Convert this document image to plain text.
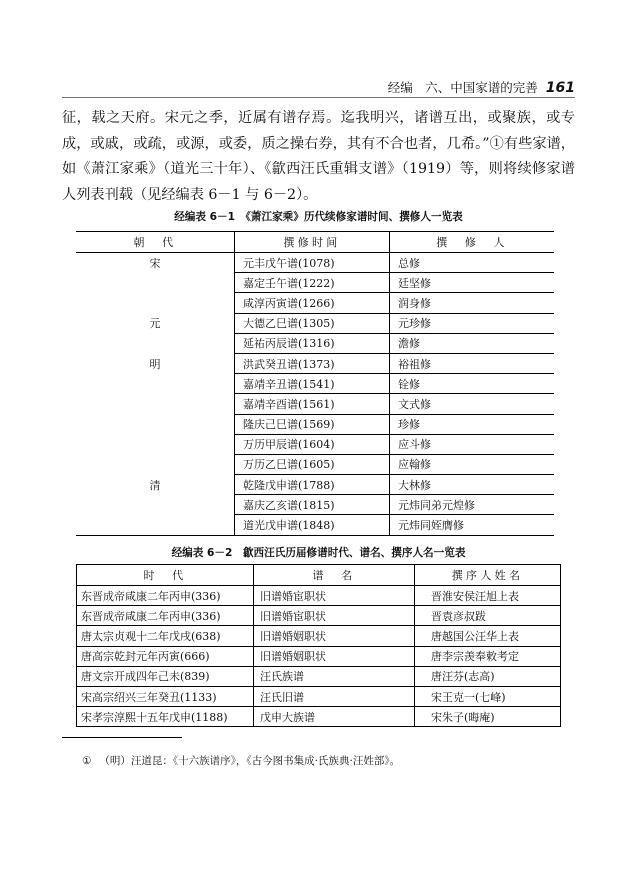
经编　六、中国家谱的完善 161

征，载之天府。宋元之季，近属有谱存焉。迄我明兴，诸谱互出，或聚族，或专成，或戚，或疏，或源，或委，质之操右券，其有不合也者，几希。”①有些家谱，如《萧江家乘》（道光三十年）、《歙西汪氏重辑支谱》（1919）等，则将续修家谱人列表刊载（见经编表 6－1 与 6－2）。

经编表 6－1　《萧江家乘》历代续修家谱时间、撰修人一览表
朝　代	撰修时间	撰　修　人
宋	元丰戊午谱(1078)	总修
	嘉定壬午谱(1222)	廷坚修
	咸淳丙寅谱(1266)	润身修
元	大德乙巳谱(1305)	元珍修
	延祐丙辰谱(1316)	澹修
明	洪武癸丑谱(1373)	裕祖修
	嘉靖辛丑谱(1541)	铨修
	嘉靖辛酉谱(1561)	文式修
	隆庆己巳谱(1569)	珍修
	万历甲辰谱(1604)	应斗修
	万历乙巳谱(1605)	应翰修
清	乾隆戊申谱(1788)	大林修
	嘉庆乙亥谱(1815)	元炜同弟元煌修
	道光戊申谱(1848)	元炜同姪膺修
经编表 6－2　歙西汪氏历届修谱时代、谱名、撰序人名一览表
时　代	谱　名	撰序人姓名
东晋成帝咸康二年丙申(336)	旧谱婚宦职状	晋淮安侯汪旭上表
东晋成帝咸康二年丙申(336)	旧谱婚宦职状	晋袁彦叔跋
唐太宗贞观十二年戊戌(638)	旧谱婚姻职状	唐越国公汪华上表
唐高宗乾封元年丙寅(666)	旧谱婚姻职状	唐李宗羡奉敕考定
唐文宗开成四年己未(839)	汪氏族谱	唐汪芬(志高)
宋高宗绍兴三年癸丑(1133)	汪氏旧谱	宋王克一(七峰)
宋孝宗淳熙十五年戊申(1188)	戊申大族谱	宋朱子(晦庵)
① （明）汪道昆：《十六族谱序》，《古今图书集成·氏族典·汪姓部》。
